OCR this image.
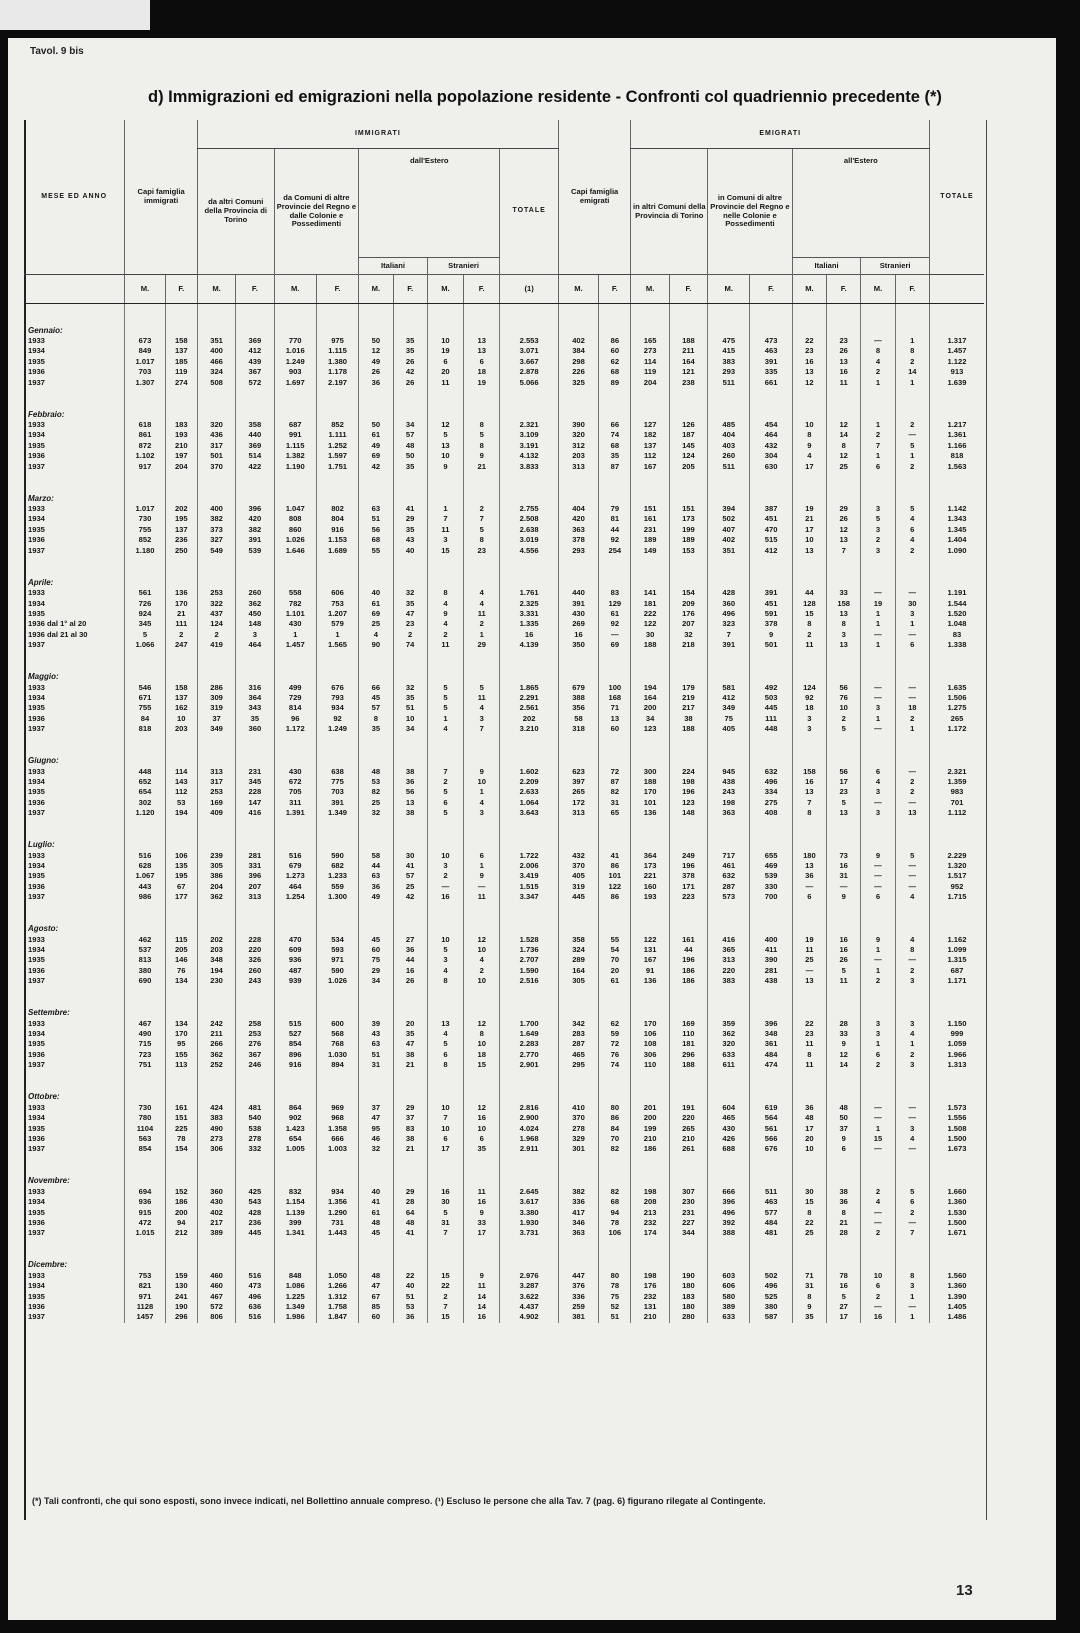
Tavol. 9 bis
d) Immigrazioni ed emigrazioni nella popolazione residente - Confronti col quadriennio precedente (*)
MESE ED ANNO	Capi famiglia immigrati		IMMIGRATI									Capi famiglia emigrati		EMIGRATI								TOTALE
			da altri Comuni della Provincia di Torino		da Comuni di altre Provincie del Regno e dalle Colonie e Possedimenti		dall'Estero				TOTALE			in altri Comuni della Provincia di Torino		in Comuni di altre Provincie del Regno e nelle Colonie e Possedimenti		all'Estero				
							Italiani		Stranieri									Italiani		Stranieri		
	M.	F.	M.	F.	M.	F.	M.	F.	M.	F.	(1)	M.	F.	M.	F.	M.	F.	M.	F.	M.	F.	
Gennaio:																						
1933	673	158	351	369	770	975	50	35	10	13	2.553	402	86	165	188	475	473	22	23	—	1	1.317
1934	849	137	400	412	1.016	1.115	12	35	19	13	3.071	384	60	273	211	415	463	23	26	8	8	1.457
1935	1.017	185	466	439	1.249	1.380	49	26	6	6	3.667	298	62	114	164	383	391	16	13	4	2	1.122
1936	703	119	324	367	903	1.178	26	42	20	18	2.878	226	68	119	121	293	335	13	16	2	14	913
1937	1.307	274	508	572	1.697	2.197	36	26	11	19	5.066	325	89	204	238	511	661	12	11	1	1	1.639
Febbraio:																						
1933	618	183	320	358	687	852	50	34	12	8	2.321	390	66	127	126	485	454	10	12	1	2	1.217
1934	861	193	436	440	991	1.111	61	57	5	5	3.109	320	74	182	187	404	464	8	14	2	—	1.361
1935	872	210	317	369	1.115	1.252	49	48	13	8	3.191	312	68	137	145	403	432	9	8	7	5	1.166
1936	1.102	197	501	514	1.382	1.597	69	50	10	9	4.132	203	35	112	124	260	304	4	12	1	1	818
1937	917	204	370	422	1.190	1.751	42	35	9	21	3.833	313	87	167	205	511	630	17	25	6	2	1.563
Marzo:																						
1933	1.017	202	400	396	1.047	802	63	41	1	2	2.755	404	79	151	151	394	387	19	29	3	5	1.142
1934	730	195	382	420	808	804	51	29	7	7	2.508	420	81	161	173	502	451	21	26	5	4	1.343
1935	755	137	373	382	860	916	56	35	11	5	2.638	363	44	231	199	407	470	17	12	3	6	1.345
1936	852	236	327	391	1.026	1.153	68	43	3	8	3.019	378	92	189	189	402	515	10	13	2	4	1.404
1937	1.180	250	549	539	1.646	1.689	55	40	15	23	4.556	293	254	149	153	351	412	13	7	3	2	1.090
Aprile:																						
1933	561	136	253	260	558	606	40	32	8	4	1.761	440	83	141	154	428	391	44	33	—	—	1.191
1934	726	170	322	362	782	753	61	35	4	4	2.325	391	129	181	209	360	451	128	158	19	30	1.544
1935	924	21	437	450	1.101	1.207	69	47	9	11	3.331	430	61	222	176	496	591	15	13	1	3	1.520
1936 dal 1° al 20	345	111	124	148	430	579	25	23	4	2	1.335	269	92	122	207	323	378	8	8	1	1	1.048
1936 dal 21 al 30	5	2	2	3	1	1	4	2	2	1	16	16	—	30	32	7	9	2	3	—	—	83
1937	1.066	247	419	464	1.457	1.565	90	74	11	29	4.139	350	69	188	218	391	501	11	13	1	6	1.338
Maggio:																						
1933	546	158	286	316	499	676	66	32	5	5	1.865	679	100	194	179	581	492	124	56	—	—	1.635
1934	671	137	309	364	729	793	45	35	5	11	2.291	388	168	164	219	412	503	92	76	—	—	1.506
1935	755	162	319	343	814	934	57	51	5	4	2.561	356	71	200	217	349	445	18	10	3	18	1.275
1936	84	10	37	35	96	92	8	10	1	3	202	58	13	34	38	75	111	3	2	1	2	265
1937	818	203	349	360	1.172	1.249	35	34	4	7	3.210	318	60	123	188	405	448	3	5	—	1	1.172
Giugno:																						
1933	448	114	313	231	430	638	48	38	7	9	1.602	623	72	300	224	945	632	158	56	6	—	2.321
1934	652	143	317	345	672	775	53	36	2	10	2.209	397	87	188	198	438	496	16	17	4	2	1.359
1935	654	112	253	228	705	703	82	56	5	1	2.633	265	82	170	196	243	334	13	23	3	2	983
1936	302	53	169	147	311	391	25	13	6	4	1.064	172	31	101	123	198	275	7	5	—	—	701
1937	1.120	194	409	416	1.391	1.349	32	38	5	3	3.643	313	65	136	148	363	408	8	13	3	13	1.112
Luglio:																						
1933	516	106	239	281	516	590	58	30	10	6	1.722	432	41	364	249	717	655	180	73	9	5	2.229
1934	628	135	305	331	679	682	44	41	3	1	2.006	370	86	173	196	461	469	13	16	—	—	1.320
1935	1.067	195	386	396	1.273	1.233	63	57	2	9	3.419	405	101	221	378	632	539	36	31	—	—	1.517
1936	443	67	204	207	464	559	36	25	—	—	1.515	319	122	160	171	287	330	—	—	—	—	952
1937	986	177	362	313	1.254	1.300	49	42	16	11	3.347	445	86	193	223	573	700	6	9	6	4	1.715
Agosto:																						
1933	462	115	202	228	470	534	45	27	10	12	1.528	358	55	122	161	416	400	19	16	9	4	1.162
1934	537	205	203	220	609	593	60	36	5	10	1.736	324	54	131	44	365	411	11	16	1	8	1.099
1935	813	146	348	326	936	971	75	44	3	4	2.707	289	70	167	196	313	390	25	26	—	—	1.315
1936	380	76	194	260	487	590	29	16	4	2	1.590	164	20	91	186	220	281	—	5	1	2	687
1937	690	134	230	243	939	1.026	34	26	8	10	2.516	305	61	136	186	383	438	13	11	2	3	1.171
Settembre:																						
1933	467	134	242	258	515	600	39	20	13	12	1.700	342	62	170	169	359	396	22	28	3	3	1.150
1934	490	170	211	253	527	568	43	35	4	8	1.649	283	59	106	110	362	348	23	33	3	4	999
1935	715	95	266	276	854	768	63	47	5	10	2.283	287	72	108	181	320	361	11	9	1	1	1.059
1936	723	155	362	367	896	1.030	51	38	6	18	2.770	465	76	306	296	633	484	8	12	6	2	1.966
1937	751	113	252	246	916	894	31	21	8	15	2.901	295	74	110	188	611	474	11	14	2	3	1.313
Ottobre:																						
1933	730	161	424	481	864	969	37	29	10	12	2.816	410	80	201	191	604	619	36	48	—	—	1.573
1934	780	151	383	540	902	968	47	37	7	16	2.900	370	86	200	220	465	564	48	50	—	—	1.556
1935	1104	225	490	538	1.423	1.358	95	83	10	10	4.024	278	84	199	265	430	561	17	37	1	3	1.508
1936	563	78	273	278	654	666	46	38	6	6	1.968	329	70	210	210	426	566	20	9	15	4	1.500
1937	854	154	306	332	1.005	1.003	32	21	17	35	2.911	301	82	186	261	688	676	10	6	—	—	1.673
Novembre:																						
1933	694	152	360	425	832	934	40	29	16	11	2.645	382	82	198	307	666	511	30	38	2	5	1.660
1934	936	186	430	543	1.154	1.356	41	28	30	16	3.617	336	68	208	230	396	463	15	36	4	6	1.360
1935	915	200	402	428	1.139	1.290	61	64	5	9	3.380	417	94	213	231	496	577	8	8	—	2	1.530
1936	472	94	217	236	399	731	48	48	31	33	1.930	346	78	232	227	392	484	22	21	—	—	1.500
1937	1.015	212	389	445	1.341	1.443	45	41	7	17	3.731	363	106	174	344	388	481	25	28	2	7	1.671
Dicembre:																						
1933	753	159	460	516	848	1.050	48	22	15	9	2.976	447	80	198	190	603	502	71	78	10	8	1.560
1934	821	130	460	473	1.086	1.266	47	40	22	11	3.287	376	78	176	180	606	496	31	16	6	3	1.360
1935	971	241	467	496	1.225	1.312	67	51	2	14	3.622	336	75	232	183	580	525	8	5	2	1	1.390
1936	1128	190	572	636	1.349	1.758	85	53	7	14	4.437	259	52	131	180	389	380	9	27	—	—	1.405
1937	1457	296	806	516	1.986	1.847	60	36	15	16	4.902	381	51	210	280	633	587	35	17	16	1	1.486
(*) Tali confronti, che qui sono esposti, sono invece indicati, nel Bollettino annuale compreso. (¹) Escluso le persone che alla Tav. 7 (pag. 6) figurano rilegate al Contingente.
13
